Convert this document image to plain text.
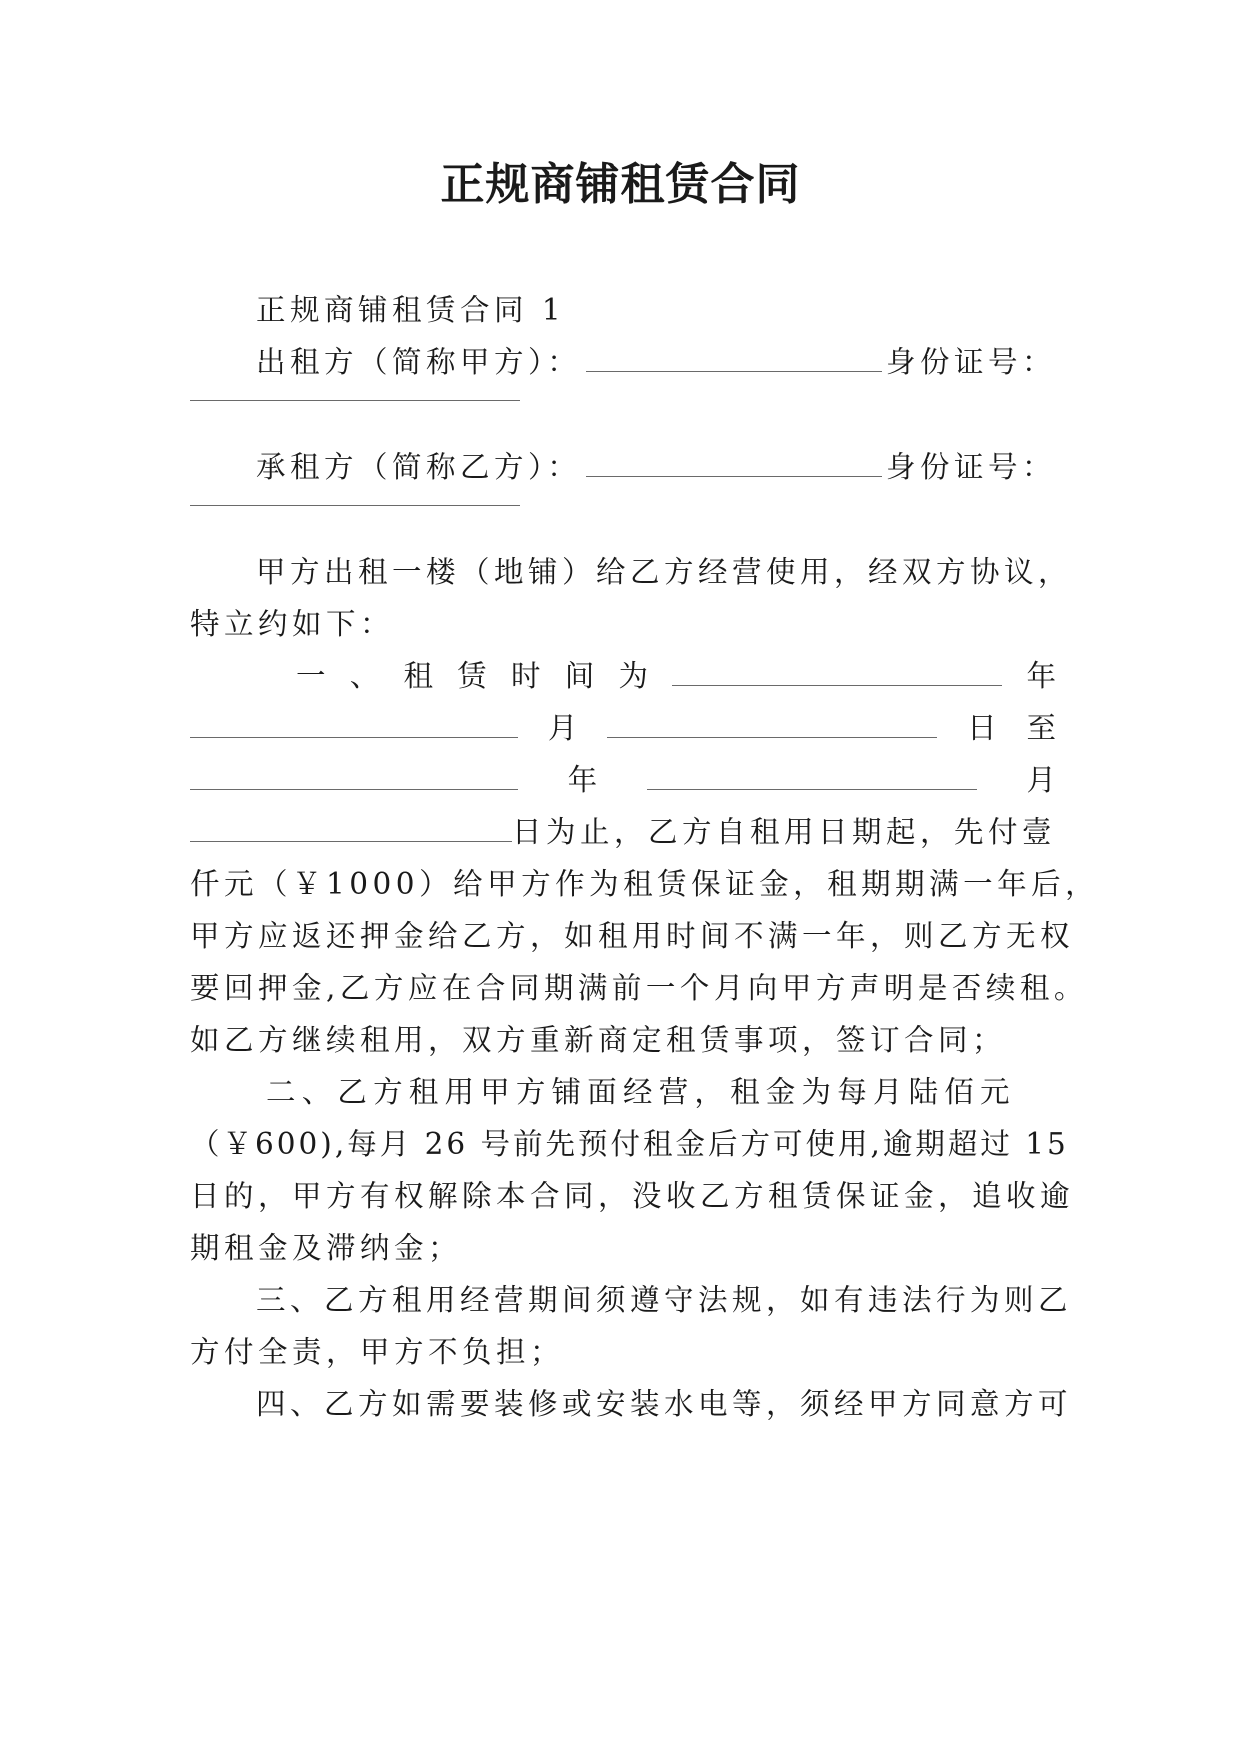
正规商铺租赁合同
正规商铺租赁合同 1
出租方（简称甲方）：	身份证号：
承租方（简称乙方）：	身份证号：
甲方出租一楼（地铺）给乙方经营使用，经双方协议，
特立约如下：
一 、 租 赁 时 间 为	年
月	日 至
年	月
日为止，乙方自租用日期起，先付壹
仟元（￥1000）给甲方作为租赁保证金，租期期满一年后，
甲方应返还押金给乙方，如租用时间不满一年，则乙方无权
要回押金,乙方应在合同期满前一个月向甲方声明是否续租。
如乙方继续租用，双方重新商定租赁事项，签订合同；
二、乙方租用甲方铺面经营，租金为每月陆佰元
（￥600),每月 26 号前先预付租金后方可使用,逾期超过 15
日的，甲方有权解除本合同，没收乙方租赁保证金，追收逾
期租金及滞纳金；
三、乙方租用经营期间须遵守法规，如有违法行为则乙
方付全责，甲方不负担；
四、乙方如需要装修或安装水电等，须经甲方同意方可
